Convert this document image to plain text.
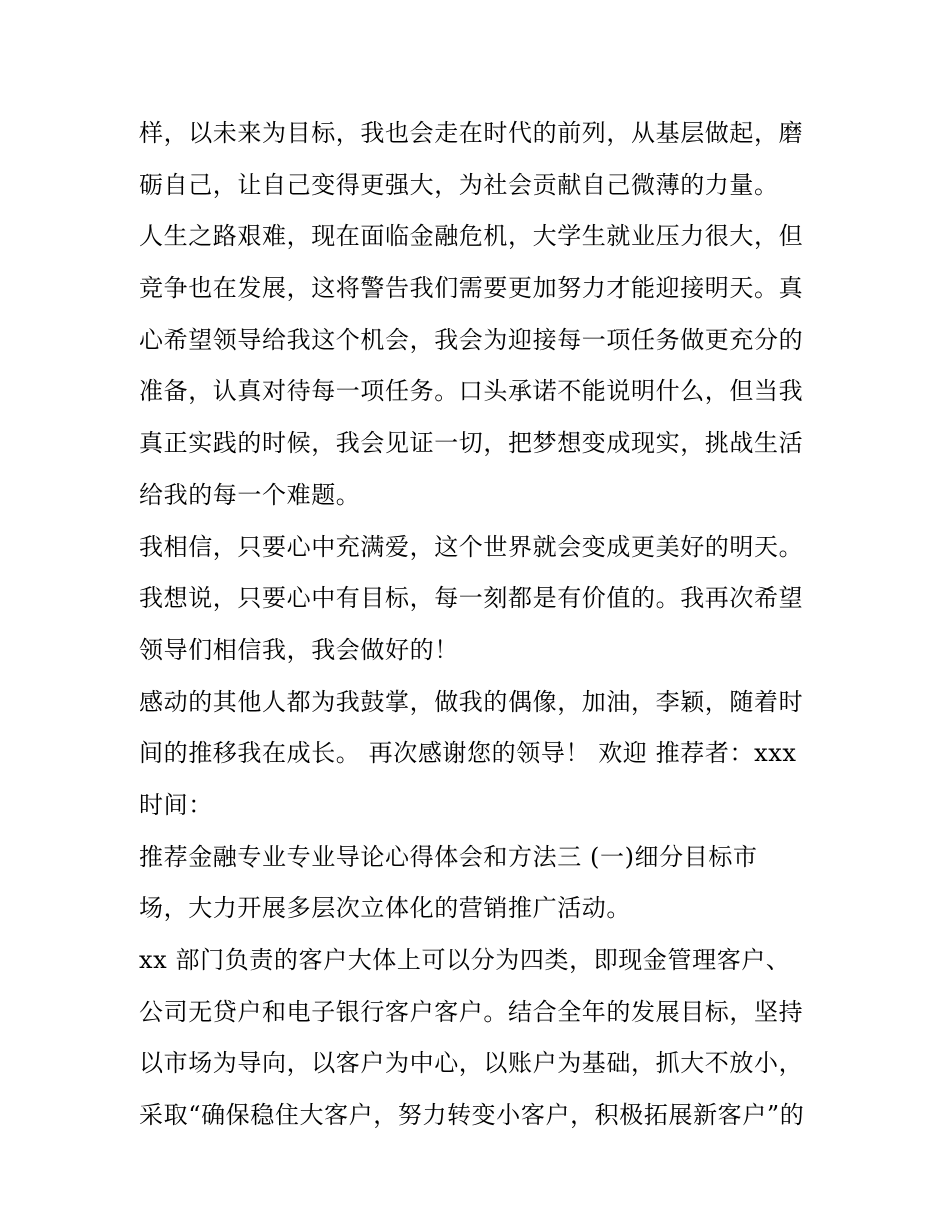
样，以未来为目标，我也会走在时代的前列，从基层做起，磨
砺自己，让自己变得更强大，为社会贡献自己微薄的力量。
人生之路艰难，现在面临金融危机，大学生就业压力很大，但
竞争也在发展，这将警告我们需要更加努力才能迎接明天。真
心希望领导给我这个机会，我会为迎接每一项任务做更充分的
准备，认真对待每一项任务。口头承诺不能说明什么，但当我
真正实践的时候，我会见证一切，把梦想变成现实，挑战生活
给我的每一个难题。
我相信，只要心中充满爱，这个世界就会变成更美好的明天。
我想说，只要心中有目标，每一刻都是有价值的。我再次希望
领导们相信我，我会做好的！
感动的其他人都为我鼓掌，做我的偶像，加油，李颖，随着时
间的推移我在成长。 再次感谢您的领导！ 欢迎 推荐者：xxx
时间：
推荐金融专业专业导论心得体会和方法三 (一)细分目标市
场，大力开展多层次立体化的营销推广活动。
xx 部门负责的客户大体上可以分为四类，即现金管理客户、
公司无贷户和电子银行客户客户。结合全年的发展目标，坚持
以市场为导向，以客户为中心，以账户为基础，抓大不放小，
采取“确保稳住大客户，努力转变小客户，积极拓展新客户”的
